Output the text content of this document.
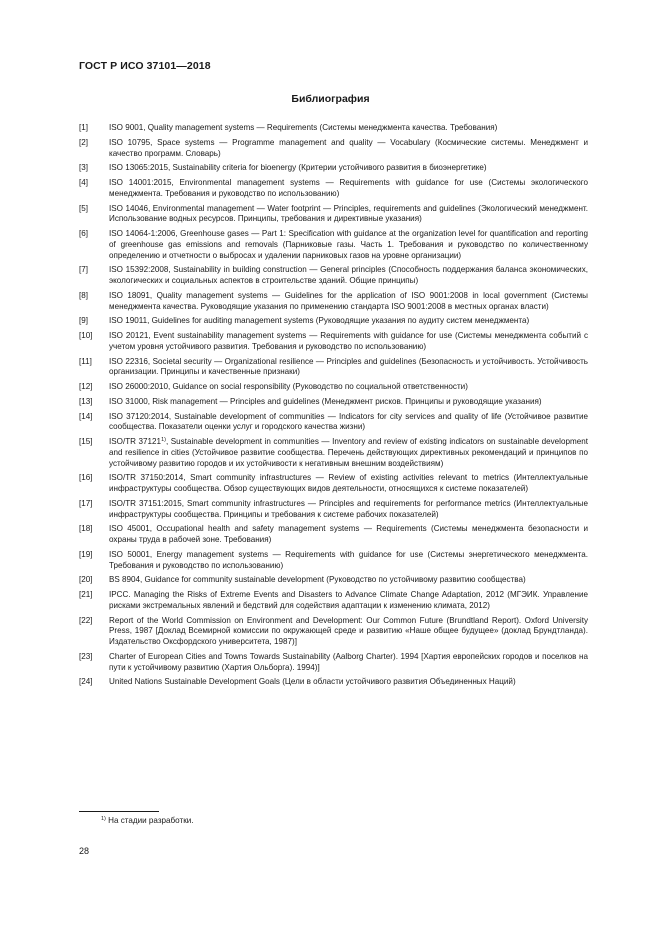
ГОСТ Р ИСО 37101—2018
Библиография
[1]	ISO 9001, Quality management systems — Requirements (Системы менеджмента качества. Требования)
[2]	ISO 10795, Space systems — Programme management and quality — Vocabulary (Космические системы. Менеджмент и качество программ. Словарь)
[3]	ISO 13065:2015, Sustainability criteria for bioenergy (Критерии устойчивого развития в биоэнергетике)
[4]	ISO 14001:2015, Environmental management systems — Requirements with guidance for use (Системы экологического менеджмента. Требования и руководство по использованию)
[5]	ISO 14046, Environmental management — Water footprint — Principles, requirements and guidelines (Экологический менеджмент. Использование водных ресурсов. Принципы, требования и директивные указания)
[6]	ISO 14064-1:2006, Greenhouse gases — Part 1: Specification with guidance at the organization level for quantification and reporting of greenhouse gas emissions and removals (Парниковые газы. Часть 1. Требования и руководство по количественному определению и отчетности о выбросах и удалении парниковых газов на уровне организации)
[7]	ISO 15392:2008, Sustainability in building construction — General principles (Способность поддержания баланса экономических, экологических и социальных аспектов в строительстве зданий. Общие принципы)
[8]	ISO 18091, Quality management systems — Guidelines for the application of ISO 9001:2008 in local government (Системы менеджмента качества. Руководящие указания по применению стандарта ISO 9001:2008 в местных органах власти)
[9]	ISO 19011, Guidelines for auditing management systems (Руководящие указания по аудиту систем менеджмента)
[10]	ISO 20121, Event sustainability management systems — Requirements with guidance for use (Системы менеджмента событий с учетом уровня устойчивого развития. Требования и руководство по использованию)
[11]	ISO 22316, Societal security — Organizational resilience — Principles and guidelines (Безопасность и устойчивость. Устойчивость организации. Принципы и качественные признаки)
[12]	ISO 26000:2010, Guidance on social responsibility (Руководство по социальной ответственности)
[13]	ISO 31000, Risk management — Principles and guidelines (Менеджмент рисков. Принципы и руководящие указания)
[14]	ISO 37120:2014, Sustainable development of communities — Indicators for city services and quality of life (Устойчивое развитие сообщества. Показатели оценки услуг и городского качества жизни)
[15]	ISO/TR 37121$^{1)}$, Sustainable development in communities — Inventory and review of existing indicators on sustainable development and resilience in cities (Устойчивое развитие сообщества. Перечень действующих директивных рекомендаций и принципов по устойчивому развитию городов и их устойчивости к негативным внешним воздействиям)
[16]	ISO/TR 37150:2014, Smart community infrastructures — Review of existing activities relevant to metrics (Интеллектуальные инфраструктуры сообщества. Обзор существующих видов деятельности, относящихся к системе показателей)
[17]	ISO/TR 37151:2015, Smart community infrastructures — Principles and requirements for performance metrics (Интеллектуальные инфраструктуры сообщества. Принципы и требования к системе рабочих показателей)
[18]	ISO 45001, Occupational health and safety management systems — Requirements (Системы менеджмента безопасности и охраны труда в рабочей зоне. Требования)
[19]	ISO 50001, Energy management systems — Requirements with guidance for use (Системы энергетического менеджмента. Требования и руководство по использованию)
[20]	BS 8904, Guidance for community sustainable development (Руководство по устойчивому развитию сообщества)
[21]	IPCC. Managing the Risks of Extreme Events and Disasters to Advance Climate Change Adaptation, 2012 (МГЭИК. Управление рисками экстремальных явлений и бедствий для содействия адаптации к изменению климата, 2012)
[22]	Report of the World Commission on Environment and Development: Our Common Future (Brundtland Report). Oxford University Press, 1987 [Доклад Всемирной комиссии по окружающей среде и развитию «Наше общее будущее» (доклад Брундтланда). Издательство Оксфордского университета, 1987)]
[23]	Charter of European Cities and Towns Towards Sustainability (Aalborg Charter). 1994 [Хартия европейских городов и поселков на пути к устойчивому развитию (Хартия Ольборга). 1994)]
[24]	United Nations Sustainable Development Goals (Цели в области устойчивого развития Объединенных Наций)
$^{1)}$ На стадии разработки.
28
